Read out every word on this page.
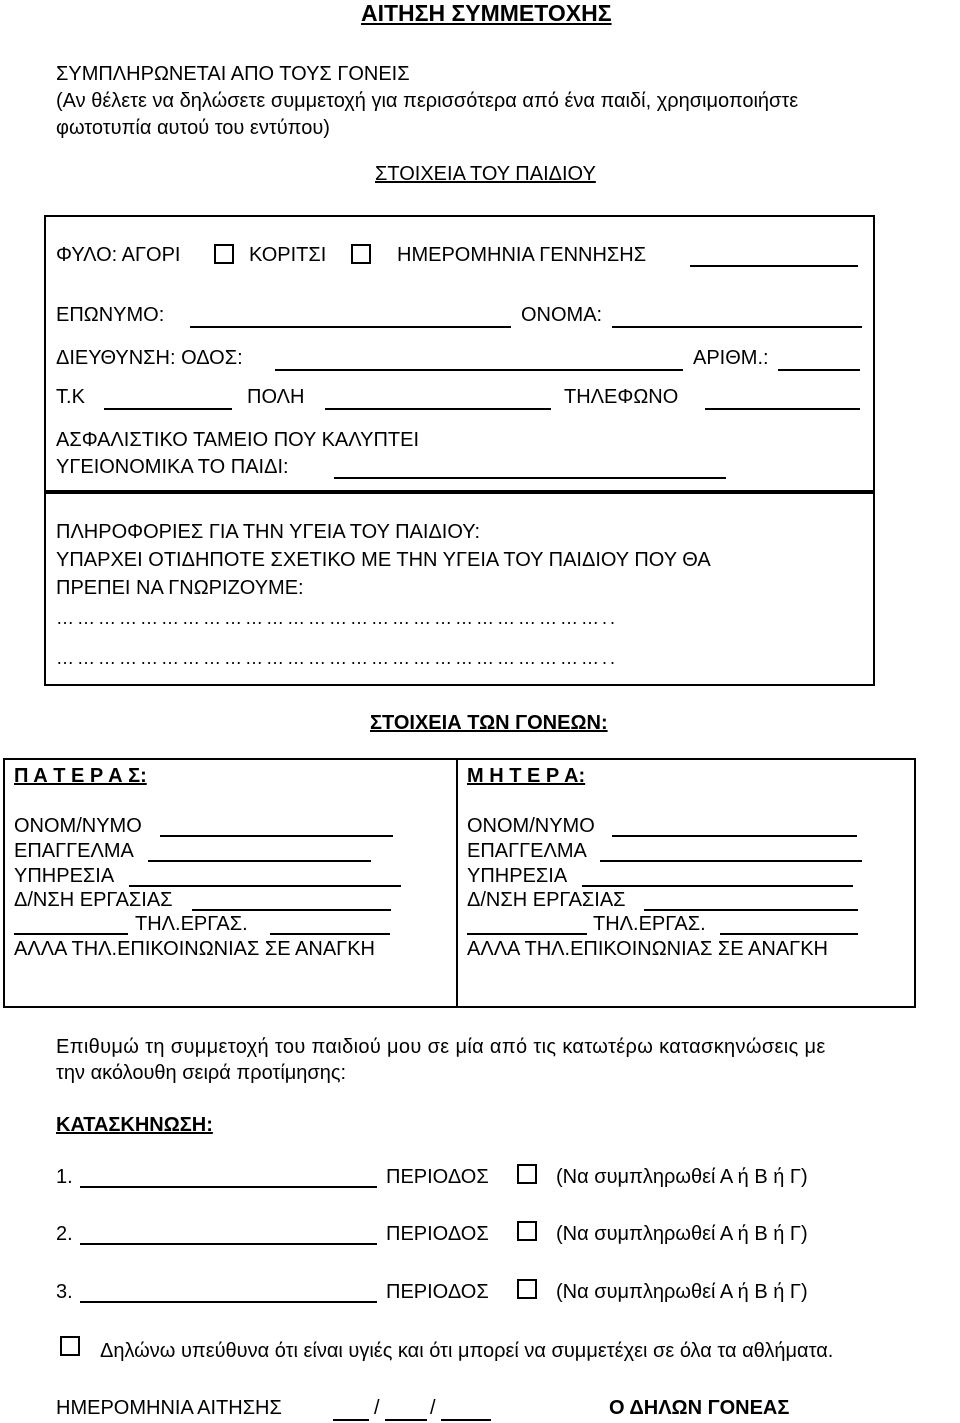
ΑΙΤΗΣΗ ΣΥΜΜΕΤΟΧΗΣ
ΣΥΜΠΛΗΡΩΝΕΤΑΙ ΑΠΟ ΤΟΥΣ ΓΟΝΕΙΣ
(Αν θέλετε να δηλώσετε συμμετοχή για περισσότερα από ένα παιδί, χρησιμοποιήστε
φωτοτυπία αυτού του εντύπου)
ΣΤΟΙΧΕΙΑ ΤΟΥ ΠΑΙΔΙΟΥ
ΦΥΛΟ: ΑΓΟΡΙ	ΚΟΡΙΤΣΙ	ΗΜΕΡΟΜΗΝΙΑ ΓΕΝΝΗΣΗΣ
ΕΠΩΝΥΜΟ:	ΟΝΟΜΑ:
ΔΙΕΥΘΥΝΣΗ: ΟΔΟΣ:	ΑΡΙΘΜ.:
Τ.Κ	ΠΟΛΗ	ΤΗΛΕΦΩΝΟ
ΑΣΦΑΛΙΣΤΙΚΟ ΤΑΜΕΙΟ ΠΟΥ ΚΑΛΥΠΤΕΙ
ΥΓΕΙΟΝΟΜΙΚΑ ΤΟ ΠΑΙΔΙ:
ΠΛΗΡΟΦΟΡΙΕΣ ΓΙΑ ΤΗΝ ΥΓΕΙΑ ΤΟΥ ΠΑΙΔΙΟΥ:
ΥΠΑΡΧΕΙ ΟΤΙΔΗΠΟΤΕ ΣΧΕΤΙΚΟ ΜΕ ΤΗΝ ΥΓΕΙΑ ΤΟΥ ΠΑΙΔΙΟΥ ΠΟΥ ΘΑ
ΠΡΕΠΕΙ ΝΑ ΓΝΩΡΙΖΟΥΜΕ:
……………………………………………………………………..
……………………………………………………………………..
ΣΤΟΙΧΕΙΑ ΤΩΝ ΓΟΝΕΩΝ:
Π Α Τ Ε Ρ Α Σ:
ΟΝΟΜ/ΝΥΜΟ
ΕΠΑΓΓΕΛΜΑ
ΥΠΗΡΕΣΙΑ
Δ/ΝΣΗ ΕΡΓΑΣΙΑΣ
ΤΗΛ.ΕΡΓΑΣ.
ΑΛΛΑ ΤΗΛ.ΕΠΙΚΟΙΝΩΝΙΑΣ ΣΕ ΑΝΑΓΚΗ
Μ Η Τ Ε Ρ Α:
ΟΝΟΜ/ΝΥΜΟ
ΕΠΑΓΓΕΛΜΑ
ΥΠΗΡΕΣΙΑ
Δ/ΝΣΗ ΕΡΓΑΣΙΑΣ
ΤΗΛ.ΕΡΓΑΣ.
ΑΛΛΑ ΤΗΛ.ΕΠΙΚΟΙΝΩΝΙΑΣ ΣΕ ΑΝΑΓΚΗ
Επιθυμώ τη συμμετοχή του παιδιού μου σε μία από τις κατωτέρω κατασκηνώσεις με
την ακόλουθη σειρά προτίμησης:
ΚΑΤΑΣΚΗΝΩΣΗ:
1.	ΠΕΡΙΟΔΟΣ	(Να συμπληρωθεί Α ή Β ή Γ)
2.	ΠΕΡΙΟΔΟΣ	(Να συμπληρωθεί Α ή Β ή Γ)
3.	ΠΕΡΙΟΔΟΣ	(Να συμπληρωθεί Α ή Β ή Γ)
Δηλώνω υπεύθυνα ότι είναι υγιές και ότι μπορεί να συμμετέχει σε όλα τα αθλήματα.
ΗΜΕΡΟΜΗΝΙΑ ΑΙΤΗΣΗΣ	/	/	Ο ΔΗΛΩΝ ΓΟΝΕΑΣ
